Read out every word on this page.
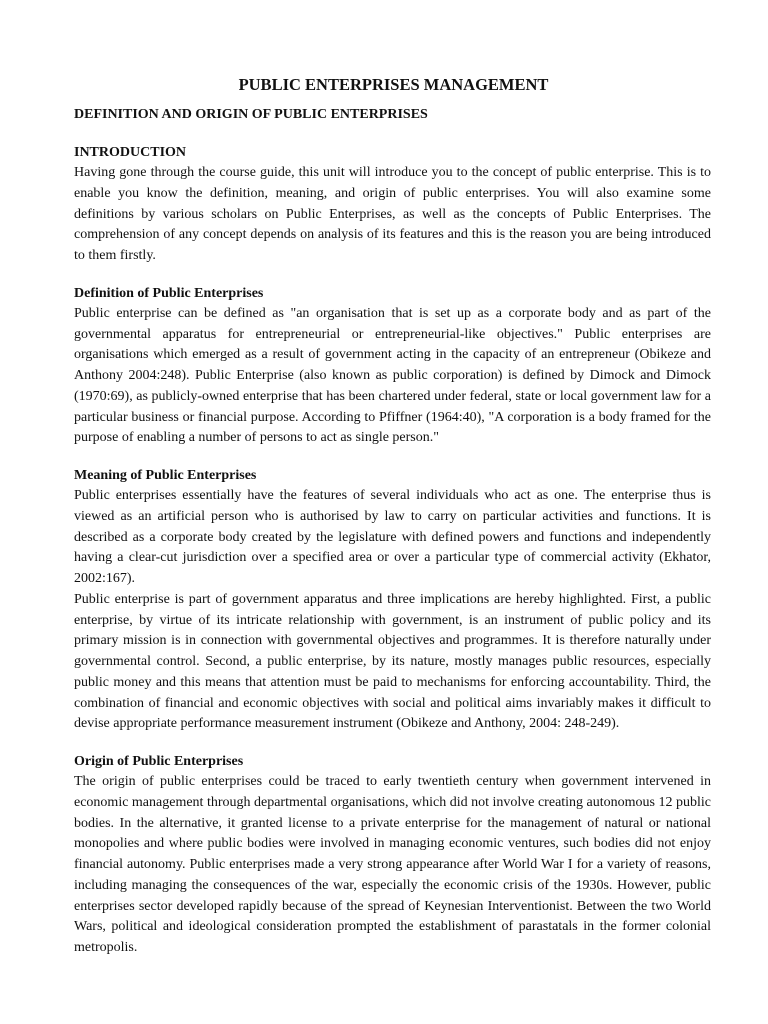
PUBLIC ENTERPRISES MANAGEMENT
DEFINITION AND ORIGIN OF PUBLIC ENTERPRISES
INTRODUCTION

Having gone through the course guide, this unit will introduce you to the concept of public enterprise. This is to enable you know the definition, meaning, and origin of public enterprises. You will also examine some definitions by various scholars on Public Enterprises, as well as the concepts of Public Enterprises. The comprehension of any concept depends on analysis of its features and this is the reason you are being introduced to them firstly.

Definition of Public Enterprises

Public enterprise can be defined as "an organisation that is set up as a corporate body and as part of the governmental apparatus for entrepreneurial or entrepreneurial-like objectives." Public enterprises are organisations which emerged as a result of government acting in the capacity of an entrepreneur (Obikeze and Anthony 2004:248). Public Enterprise (also known as public corporation) is defined by Dimock and Dimock (1970:69), as publicly-owned enterprise that has been chartered under federal, state or local government law for a particular business or financial purpose. According to Pfiffner (1964:40), "A corporation is a body framed for the purpose of enabling a number of persons to act as single person."

Meaning of Public Enterprises

Public enterprises essentially have the features of several individuals who act as one. The enterprise thus is viewed as an artificial person who is authorised by law to carry on particular activities and functions. It is described as a corporate body created by the legislature with defined powers and functions and independently having a clear-cut jurisdiction over a specified area or over a particular type of commercial activity (Ekhator, 2002:167).

Public enterprise is part of government apparatus and three implications are hereby highlighted. First, a public enterprise, by virtue of its intricate relationship with government, is an instrument of public policy and its primary mission is in connection with governmental objectives and programmes. It is therefore naturally under governmental control. Second, a public enterprise, by its nature, mostly manages public resources, especially public money and this means that attention must be paid to mechanisms for enforcing accountability. Third, the combination of financial and economic objectives with social and political aims invariably makes it difficult to devise appropriate performance measurement instrument (Obikeze and Anthony, 2004: 248-249).

Origin of Public Enterprises

The origin of public enterprises could be traced to early twentieth century when government intervened in economic management through departmental organisations, which did not involve creating autonomous 12 public bodies. In the alternative, it granted license to a private enterprise for the management of natural or national monopolies and where public bodies were involved in managing economic ventures, such bodies did not enjoy financial autonomy. Public enterprises made a very strong appearance after World War I for a variety of reasons, including managing the consequences of the war, especially the economic crisis of the 1930s. However, public enterprises sector developed rapidly because of the spread of Keynesian Interventionist. Between the two World Wars, political and ideological consideration prompted the establishment of parastatals in the former colonial metropolis.
